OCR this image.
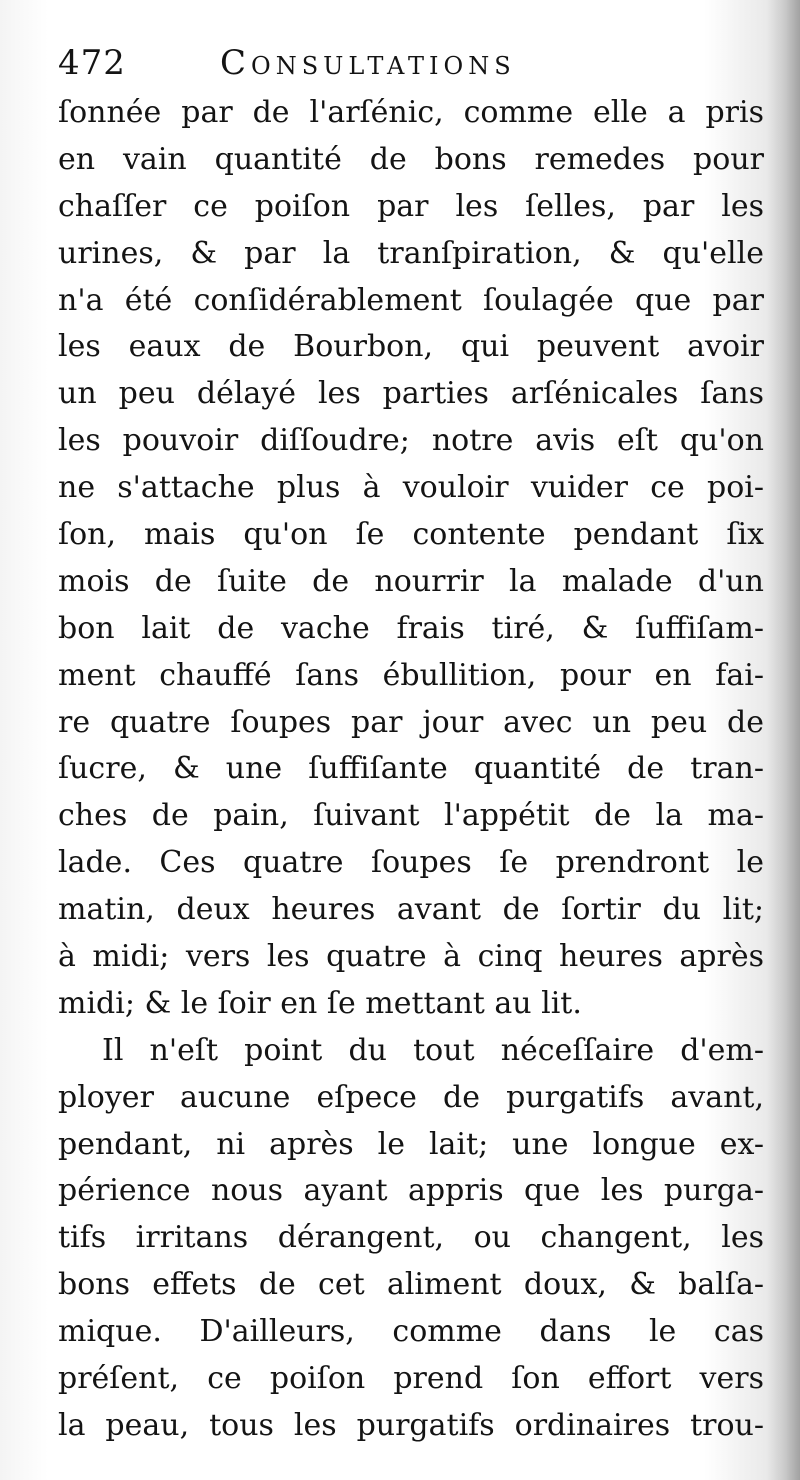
472	Consultations
ſonnée par de l'arſénic, comme elle a pris
en vain quantité de bons remedes pour
chaſſer ce poiſon par les ſelles, par les
urines, & par la tranſpiration, & qu'elle
n'a été conſidérablement ſoulagée que par
les eaux de Bourbon, qui peuvent avoir
un peu délayé les parties arſénicales ſans
les pouvoir diſſoudre; notre avis eſt qu'on
ne s'attache plus à vouloir vuider ce poi-
ſon, mais qu'on ſe contente pendant ſix
mois de ſuite de nourrir la malade d'un
bon lait de vache frais tiré, & ſuffiſam-
ment chauffé ſans ébullition, pour en fai-
re quatre ſoupes par jour avec un peu de
ſucre, & une ſuffiſante quantité de tran-
ches de pain, ſuivant l'appétit de la ma-
lade. Ces quatre ſoupes ſe prendront le
matin, deux heures avant de ſortir du lit;
à midi; vers les quatre à cinq heures après
midi; & le ſoir en ſe mettant au lit.
Il n'eſt point du tout néceſſaire d'em-
ployer aucune eſpece de purgatifs avant,
pendant, ni après le lait; une longue ex-
périence nous ayant appris que les purga-
tifs irritans dérangent, ou changent, les
bons effets de cet aliment doux, & balſa-
mique. D'ailleurs, comme dans le cas
préſent, ce poiſon prend ſon effort vers
la peau, tous les purgatifs ordinaires trou-
